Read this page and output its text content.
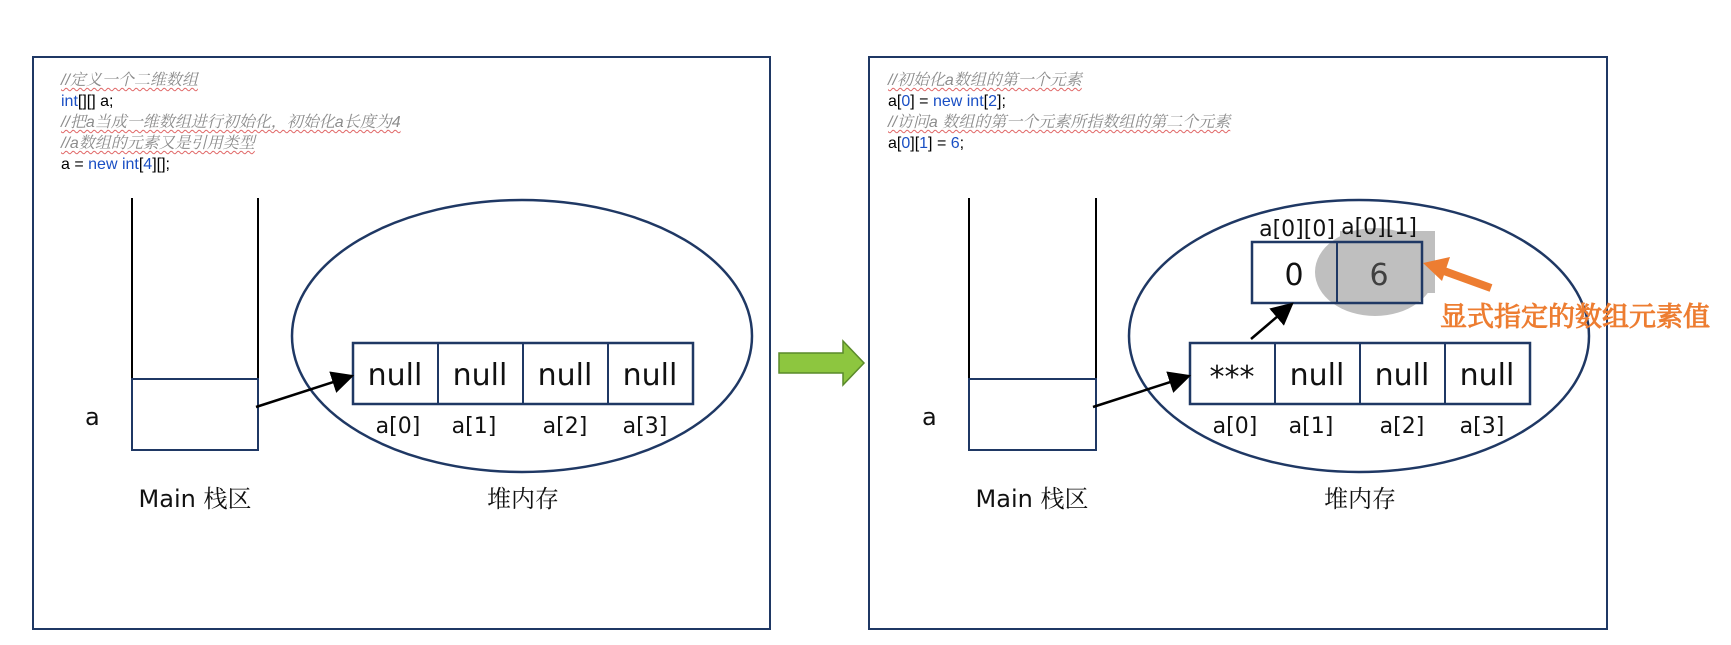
//定义一个二维数组
int[][] a;
//把a当成一维数组进行初始化，初始化a长度为4
//a数组的元素又是引用类型
a = new int[4][];
//初始化a数组的第一个元素
a[0] = new int[2];
//访问a 数组的第一个元素所指数组的第二个元素
a[0][1] = 6;
a
Main 栈区	堆内存
null null null null
a[0] a[1] a[2] a[3]	a
Main 栈区	堆内存
*** null null null
a[0] a[1] a[2] a[3]
0 6
a[0][0] a[0][1]
显式指定的数组元素值
